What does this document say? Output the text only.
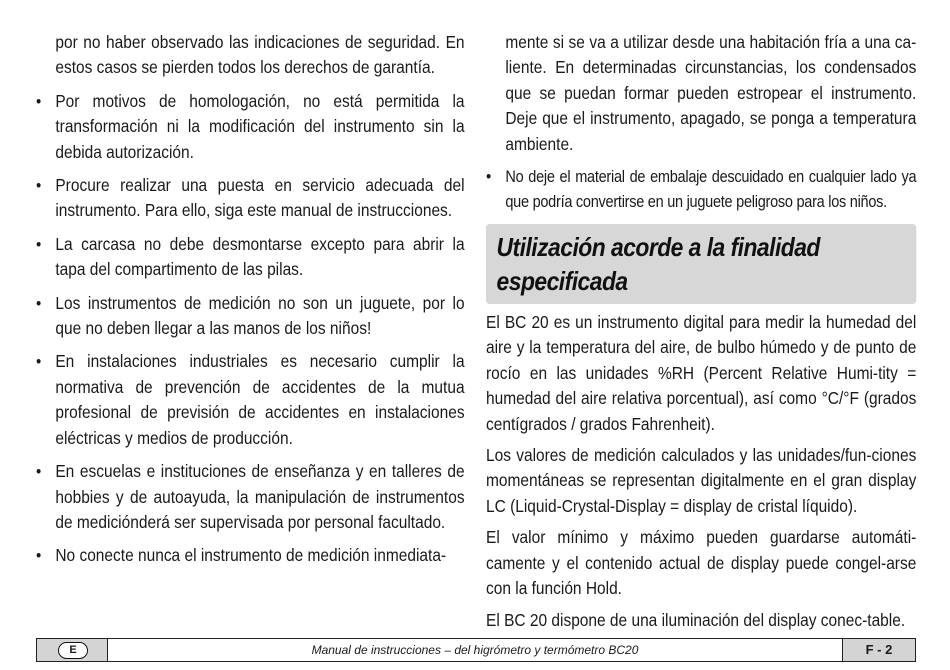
por no haber observado las indicaciones de seguridad. En estos casos se pierden todos los derechos de garantía.

• Por motivos de homologación, no está permitida la transformación ni la modificación del instrumento sin la debida autorización.
• Procure realizar una puesta en servicio adecuada del instrumento. Para ello, siga este manual de instrucciones.
• La carcasa no debe desmontarse excepto para abrir la tapa del compartimento de las pilas.
• Los instrumentos de medición no son un juguete, por lo que no deben llegar a las manos de los niños!
• En instalaciones industriales es necesario cumplir la normativa de prevención de accidentes de la mutua profesional de previsión de accidentes en instalaciones eléctricas y medios de producción.
• En escuelas e instituciones de enseñanza y en talleres de hobbies y de autoayuda, la manipulación de instrumentos de mediciónderá ser supervisada por personal facultado.
• No conecte nunca el instrumento de medición inmediata-

mente si se va a utilizar desde una habitación fría a una ca-liente. En determinadas circunstancias, los condensados que se puedan formar pueden estropear el instrumento. Deje que el instrumento, apagado, se ponga a temperatura ambiente.

• No deje el material de embalaje descuidado en cualquier lado ya que podría convertirse en un juguete peligroso para los niños.
Utilización acorde a la finalidad especificada

El BC 20 es un instrumento digital para medir la humedad del aire y la temperatura del aire, de bulbo húmedo y de punto de rocío en las unidades %RH (Percent Relative Humi-tity = humedad del aire relativa porcentual), así como °C/°F (grados centígrados / grados Fahrenheit).

Los valores de medición calculados y las unidades/fun-ciones momentáneas se representan digitalmente en el gran display LC (Liquid-Crystal-Display = display de cristal líquido).

El valor mínimo y máximo pueden guardarse automáti-camente y el contenido actual de display puede congel-arse con la función Hold.

El BC 20 dispone de una iluminación del display conec-table.

E	Manual de instrucciones – del higrómetro y termómetro BC20	F - 2
